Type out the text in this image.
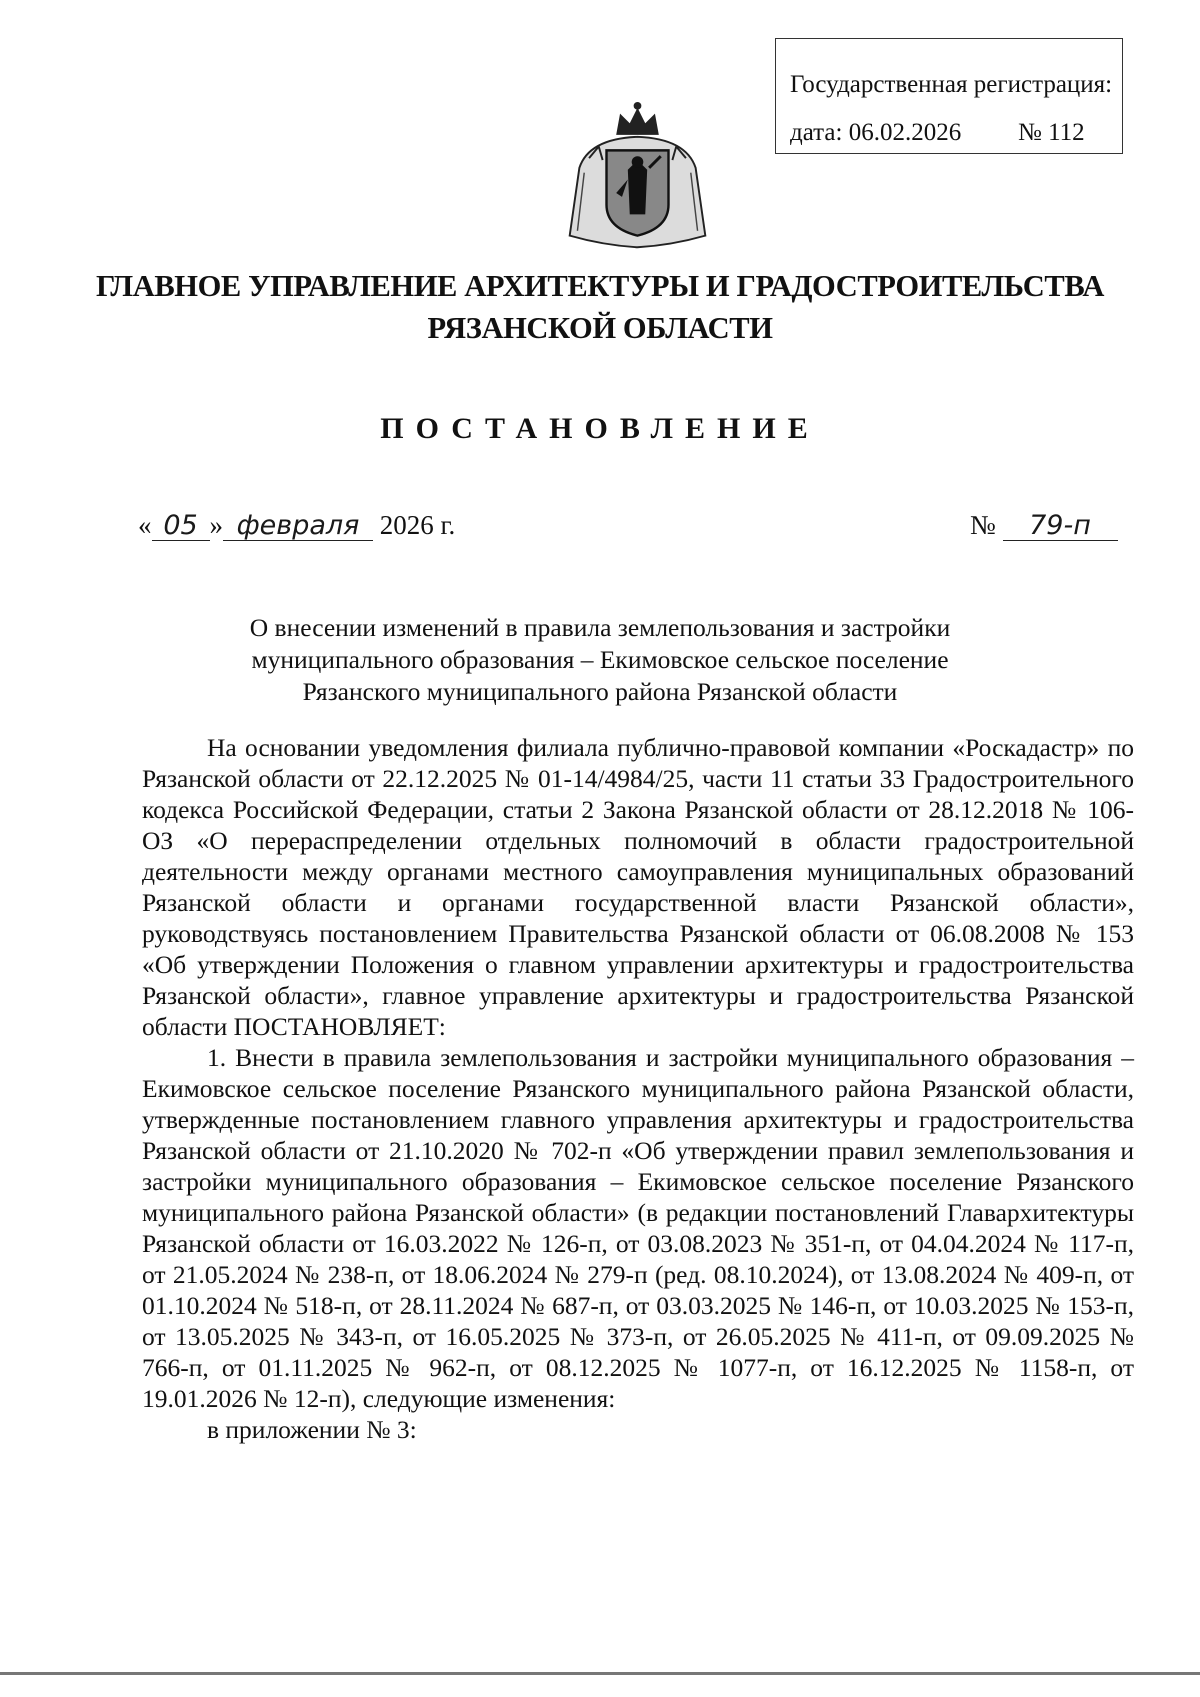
Государственная регистрация:
дата: 06.02.2026	№ 112
ГЛАВНОЕ УПРАВЛЕНИЕ АРХИТЕКТУРЫ И ГРАДОСТРОИТЕЛЬСТВА
РЯЗАНСКОЙ ОБЛАСТИ
ПОСТАНОВЛЕНИЕ
« 05 » февраля 2026 г.	№ 79-п
О внесении изменений в правила землепользования и застройки
муниципального образования – Екимовское сельское поселение
Рязанского муниципального района Рязанской области

На основании уведомления филиала публично-правовой компании «Роскадастр» по Рязанской области от 22.12.2025 № 01-14/4984/25, части 11 статьи 33 Градостроительного кодекса Российской Федерации, статьи 2 Закона Рязанской области от 28.12.2018 № 106-ОЗ «О перераспределении отдельных полномочий в области градостроительной деятельности между органами местного самоуправления муниципальных образований Рязанской области и органами государственной власти Рязанской области», руководствуясь постановлением Правительства Рязанской области от 06.08.2008 № 153 «Об утверждении Положения о главном управлении архитектуры и градостроительства Рязанской области», главное управление архитектуры и градостроительства Рязанской области ПОСТАНОВЛЯЕТ:

1. Внести в правила землепользования и застройки муниципального образования – Екимовское сельское поселение Рязанского муниципального района Рязанской области, утвержденные постановлением главного управления архитектуры и градостроительства Рязанской области от 21.10.2020 № 702-п «Об утверждении правил землепользования и застройки муниципального образования – Екимовское сельское поселение Рязанского муниципального района Рязанской области» (в редакции постановлений Главархитектуры Рязанской области от 16.03.2022 № 126-п, от 03.08.2023 № 351-п, от 04.04.2024 № 117-п, от 21.05.2024 № 238-п, от 18.06.2024 № 279-п (ред. 08.10.2024), от 13.08.2024 № 409-п, от 01.10.2024 № 518-п, от 28.11.2024 № 687-п, от 03.03.2025 № 146-п, от 10.03.2025 № 153-п, от 13.05.2025 № 343-п, от 16.05.2025 № 373-п, от 26.05.2025 № 411-п, от 09.09.2025 № 766-п, от 01.11.2025 № 962-п, от 08.12.2025 № 1077-п, от 16.12.2025 № 1158-п, от 19.01.2026 № 12-п), следующие изменения:

в приложении № 3:
